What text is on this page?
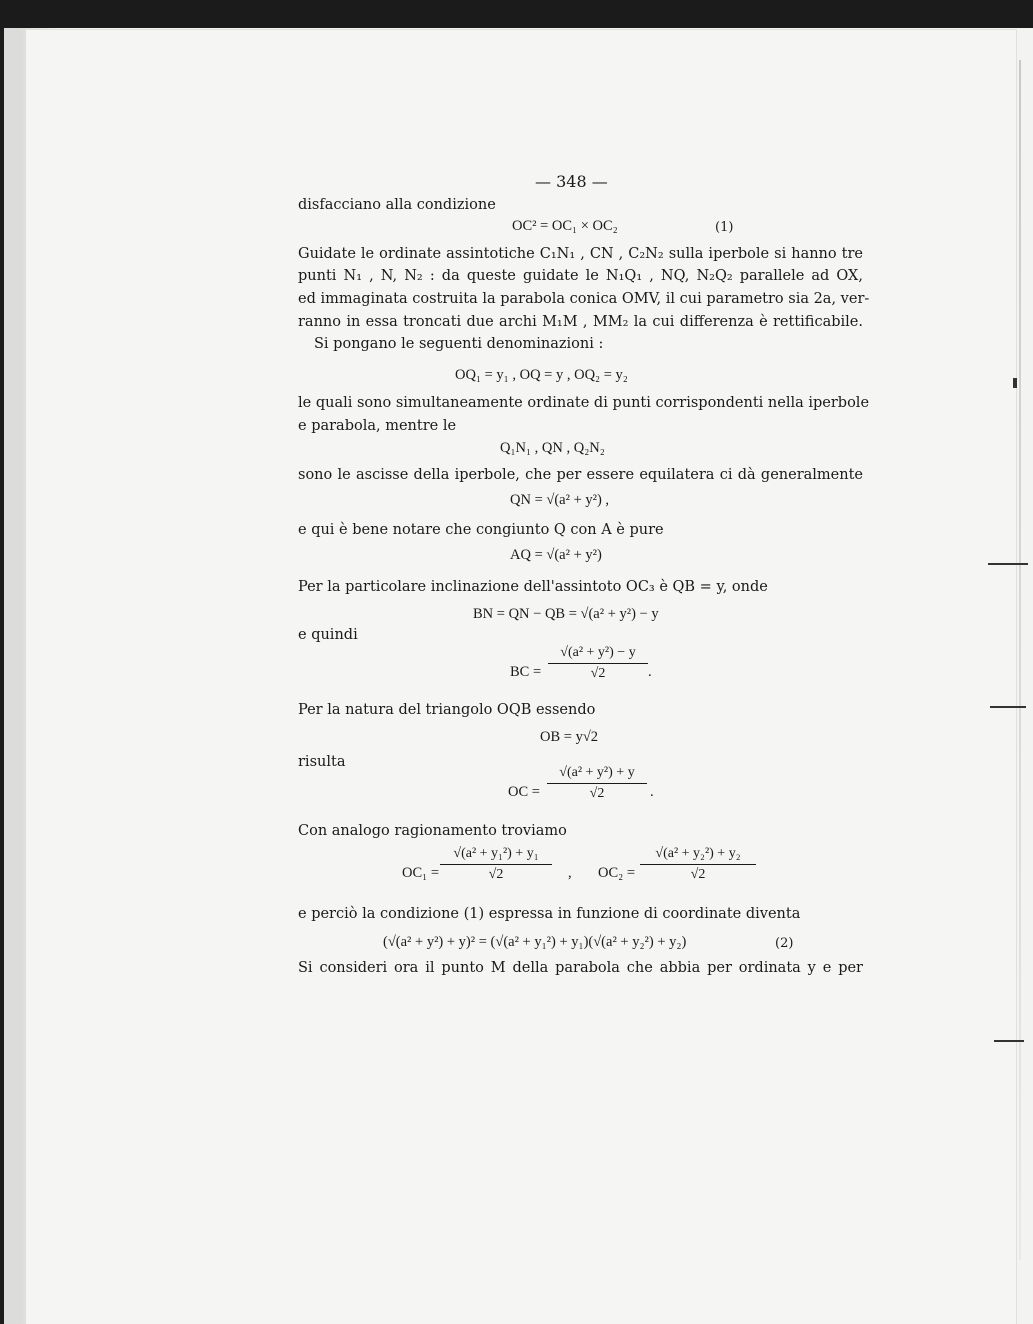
— 348 —
disfacciano alla condizione
OC² = OC₁ × OC₂	(1)
Guidate le ordinate assintotiche C₁N₁ , CN , C₂N₂ sulla iperbole si hanno tre
punti N₁ , N, N₂ : da queste guidate le N₁Q₁ , NQ, N₂Q₂ parallele ad OX,
ed immaginata costruita la parabola conica OMV, il cui parametro sia 2a, ver-
ranno in essa troncati due archi M₁M , MM₂ la cui differenza è rettificabile.
Si pongano le seguenti denominazioni :
OQ₁ = y₁ , OQ = y , OQ₂ = y₂
le quali sono simultaneamente ordinate di punti corrispondenti nella iperbole
e parabola, mentre le
Q₁N₁ , QN , Q₂N₂
sono le ascisse della iperbole, che per essere equilatera ci dà generalmente
QN = √(a² + y²) ,
e qui è bene notare che congiunto Q con A è pure
AQ = √(a² + y²)
Per la particolare inclinazione dell'assintoto OC₃ è QB = y, onde
BN = QN − QB = √(a² + y²) − y
e quindi
BC =
√(a² + y²) − y
√2	.
Per la natura del triangolo OQB essendo
OB = y√2
risulta
OC =
√(a² + y²) + y
√2	.
Con analogo ragionamento troviamo
OC₁ =
√(a² + y₁²) + y₁
√2	, OC₂ =
√(a² + y₂²) + y₂
√2
e perciò la condizione (1) espressa in funzione di coordinate diventa
(√(a² + y²) + y)² = (√(a² + y₁²) + y₁)(√(a² + y₂²) + y₂)	(2)
Si consideri ora il punto M della parabola che abbia per ordinata y e per
